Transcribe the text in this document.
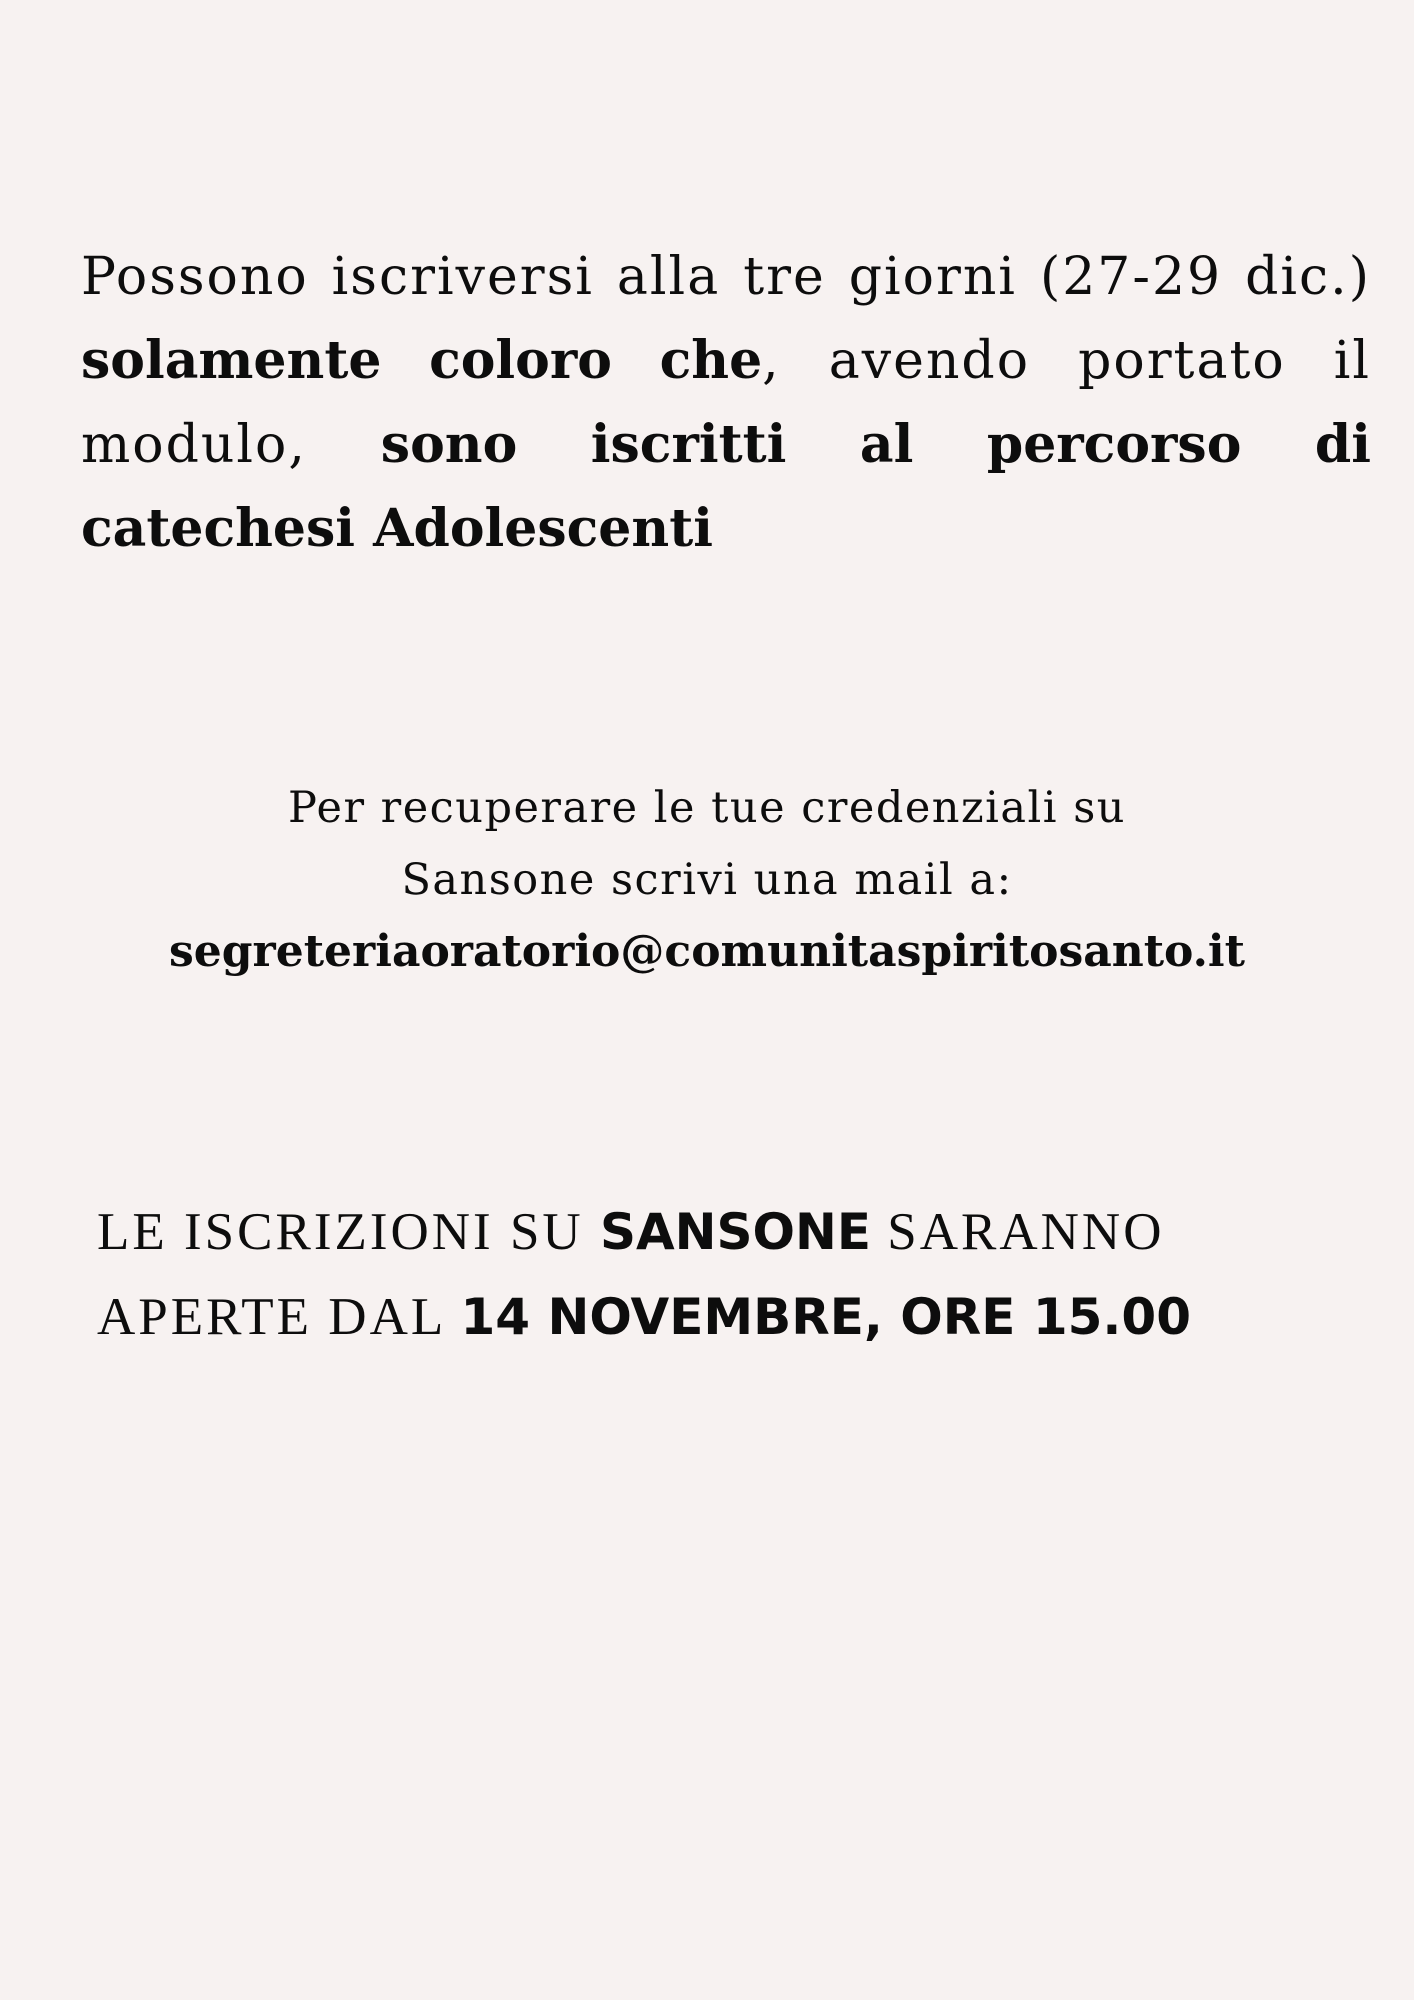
Possono iscriversi alla tre giorni (27-29 dic.) solamente coloro che, avendo portato il modulo, sono iscritti al percorso di catechesi Adolescenti
Per recuperare le tue credenziali su
Sansone scrivi una mail a:
segreteriaoratorio@comunitaspiritosanto.it
LE ISCRIZIONI SU SANSONE SARANNO
APERTE DAL 14 NOVEMBRE, ORE 15.00
